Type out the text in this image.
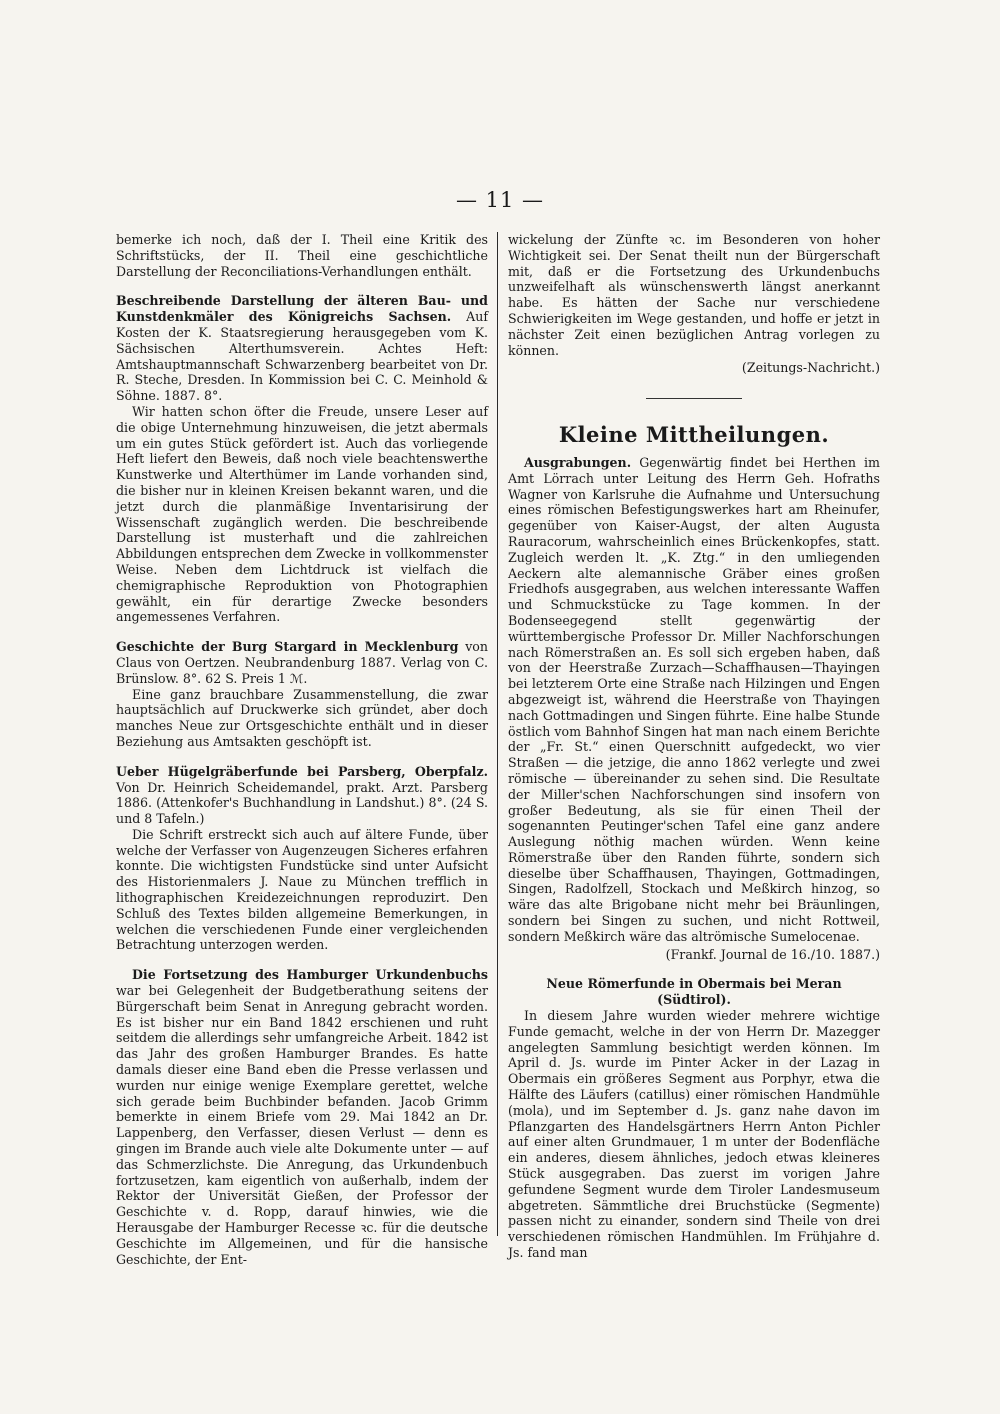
— 11 —

bemerke ich noch, daß der I. Theil eine Kritik des Schriftstücks, der II. Theil eine geschichtliche Darstellung der Reconciliations-Verhandlungen enthält.

Beschreibende Darstellung der älteren Bau- und Kunstdenkmäler des Königreichs Sachsen. Auf Kosten der K. Staatsregierung herausgegeben vom K. Sächsischen Alterthumsverein. Achtes Heft: Amtshauptmannschaft Schwarzenberg bearbeitet von Dr. R. Steche, Dresden. In Kommission bei C. C. Meinhold & Söhne. 1887. 8°.

Wir hatten schon öfter die Freude, unsere Leser auf die obige Unternehmung hinzuweisen, die jetzt abermals um ein gutes Stück gefördert ist. Auch das vorliegende Heft liefert den Beweis, daß noch viele beachtenswerthe Kunstwerke und Alterthümer im Lande vorhanden sind, die bisher nur in kleinen Kreisen bekannt waren, und die jetzt durch die planmäßige Inventarisirung der Wissenschaft zugänglich werden. Die beschreibende Darstellung ist musterhaft und die zahlreichen Abbildungen entsprechen dem Zwecke in vollkommenster Weise. Neben dem Lichtdruck ist vielfach die chemigraphische Reproduktion von Photographien gewählt, ein für derartige Zwecke besonders angemessenes Verfahren.

Geschichte der Burg Stargard in Mecklenburg von Claus von Oertzen. Neubrandenburg 1887. Verlag von C. Brünslow. 8°. 62 S. Preis 1 ℳ.

Eine ganz brauchbare Zusammenstellung, die zwar hauptsächlich auf Druckwerke sich gründet, aber doch manches Neue zur Ortsgeschichte enthält und in dieser Beziehung aus Amtsakten geschöpft ist.

Ueber Hügelgräberfunde bei Parsberg, Oberpfalz. Von Dr. Heinrich Scheidemandel, prakt. Arzt. Parsberg 1886. (Attenkofer's Buchhandlung in Landshut.) 8°. (24 S. und 8 Tafeln.)

Die Schrift erstreckt sich auch auf ältere Funde, über welche der Verfasser von Augenzeugen Sicheres erfahren konnte. Die wichtigsten Fundstücke sind unter Aufsicht des Historienmalers J. Naue zu München trefflich in lithographischen Kreidezeichnungen reproduzirt. Den Schluß des Textes bilden allgemeine Bemerkungen, in welchen die verschiedenen Funde einer vergleichenden Betrachtung unterzogen werden.

Die Fortsetzung des Hamburger Urkundenbuchs war bei Gelegenheit der Budgetberathung seitens der Bürgerschaft beim Senat in Anregung gebracht worden. Es ist bisher nur ein Band 1842 erschienen und ruht seitdem die allerdings sehr umfangreiche Arbeit. 1842 ist das Jahr des großen Hamburger Brandes. Es hatte damals dieser eine Band eben die Presse verlassen und wurden nur einige wenige Exemplare gerettet, welche sich gerade beim Buchbinder befanden. Jacob Grimm bemerkte in einem Briefe vom 29. Mai 1842 an Dr. Lappenberg, den Verfasser, diesen Verlust — denn es gingen im Brande auch viele alte Dokumente unter — auf das Schmerzlichste. Die Anregung, das Urkundenbuch fortzusetzen, kam eigentlich von außerhalb, indem der Rektor der Universität Gießen, der Professor der Geschichte v. d. Ropp, darauf hinwies, wie die Herausgabe der Hamburger Recesse ꝛc. für die deutsche Geschichte im Allgemeinen, und für die hansische Geschichte, der Ent-

wickelung der Zünfte ꝛc. im Besonderen von hoher Wichtigkeit sei. Der Senat theilt nun der Bürgerschaft mit, daß er die Fortsetzung des Urkundenbuchs unzweifelhaft als wünschenswerth längst anerkannt habe. Es hätten der Sache nur verschiedene Schwierigkeiten im Wege gestanden, und hoffe er jetzt in nächster Zeit einen bezüglichen Antrag vorlegen zu können.

(Zeitungs-Nachricht.)
Kleine Mittheilungen.

Ausgrabungen. Gegenwärtig findet bei Herthen im Amt Lörrach unter Leitung des Herrn Geh. Hofraths Wagner von Karlsruhe die Aufnahme und Untersuchung eines römischen Befestigungswerkes hart am Rheinufer, gegenüber von Kaiser-Augst, der alten Augusta Rauracorum, wahrscheinlich eines Brückenkopfes, statt. Zugleich werden lt. „K. Ztg.“ in den umliegenden Aeckern alte alemannische Gräber eines großen Friedhofs ausgegraben, aus welchen interessante Waffen und Schmuckstücke zu Tage kommen. In der Bodenseegegend stellt gegenwärtig der württembergische Professor Dr. Miller Nachforschungen nach Römerstraßen an. Es soll sich ergeben haben, daß von der Heerstraße Zurzach—Schaffhausen—Thayingen bei letzterem Orte eine Straße nach Hilzingen und Engen abgezweigt ist, während die Heerstraße von Thayingen nach Gottmadingen und Singen führte. Eine halbe Stunde östlich vom Bahnhof Singen hat man nach einem Berichte der „Fr. St.“ einen Querschnitt aufgedeckt, wo vier Straßen — die jetzige, die anno 1862 verlegte und zwei römische — übereinander zu sehen sind. Die Resultate der Miller'schen Nachforschungen sind insofern von großer Bedeutung, als sie für einen Theil der sogenannten Peutinger'schen Tafel eine ganz andere Auslegung nöthig machen würden. Wenn keine Römerstraße über den Randen führte, sondern sich dieselbe über Schaffhausen, Thayingen, Gottmadingen, Singen, Radolfzell, Stockach und Meßkirch hinzog, so wäre das alte Brigobane nicht mehr bei Bräunlingen, sondern bei Singen zu suchen, und nicht Rottweil, sondern Meßkirch wäre das altrömische Sumelocenae.

(Frankf. Journal de 16./10. 1887.)
Neue Römerfunde in Obermais bei Meran (Südtirol).

In diesem Jahre wurden wieder mehrere wichtige Funde gemacht, welche in der von Herrn Dr. Mazegger angelegten Sammlung besichtigt werden können. Im April d. Js. wurde im Pinter Acker in der Lazag in Obermais ein größeres Segment aus Porphyr, etwa die Hälfte des Läufers (catillus) einer römischen Handmühle (mola), und im September d. Js. ganz nahe davon im Pflanzgarten des Handelsgärtners Herrn Anton Pichler auf einer alten Grundmauer, 1 m unter der Bodenfläche ein anderes, diesem ähnliches, jedoch etwas kleineres Stück ausgegraben. Das zuerst im vorigen Jahre gefundene Segment wurde dem Tiroler Landesmuseum abgetreten. Sämmtliche drei Bruchstücke (Segmente) passen nicht zu einander, sondern sind Theile von drei verschiedenen römischen Handmühlen. Im Frühjahre d. Js. fand man
